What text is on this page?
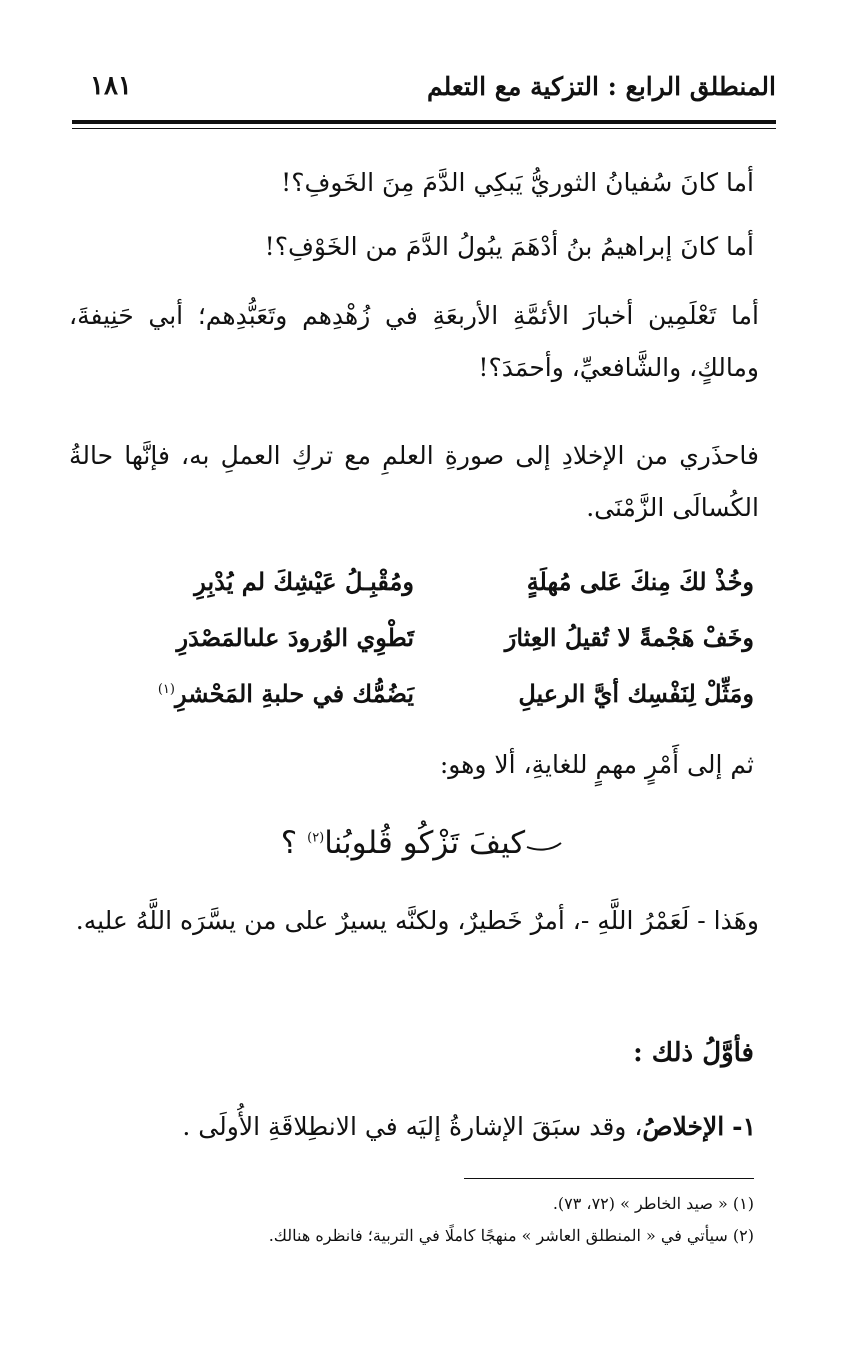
المنطلق الرابع : التزكية مع التعلم
١٨١
أما كانَ سُفيانُ الثوريُّ يَبكِي الدَّمَ مِنَ الخَوفِ؟!
أما كانَ إبراهيمُ بنُ أدْهَمَ يبُولُ الدَّمَ من الخَوْفِ؟!
أما تَعْلَمِين أخبارَ الأئمَّةِ الأربعَةِ في زُهْدِهم وتَعَبُّدِهم؛ أبي حَنِيفةَ، ومالكٍ، والشَّافعيِّ، وأحمَدَ؟!
فاحذَري من الإخلادِ إلى صورةِ العلمِ مع تركِ العملِ به، فإنَّها حالةُ الكُسالَى الزَّمْنَى.
وخُذْ لكَ مِنكَ عَلى مُهلَةٍ
ومُقْبِـلُ عَيْشِكَ لم يُدْبِرِ
وخَفْ هَجْمةً لا تُقيلُ العِثارَ
تَطْوِي الوُرودَ علىالمَصْدَرِ
ومَثِّلْ لِنَفْسِك أيَّ الرعيلِ
يَضُمُّك في حلبةِ المَحْشرِ$^{(١)}$
ثم إلى أَمْرٍ مهمٍ للغايةِ، ألا وهو:
كيفَ تَزْكُو قُلوبُنا$^{(٢)}$ ؟
وهَذا - لَعَمْرُ اللَّهِ -، أمرٌ خَطيرٌ، ولكنَّه يسيرٌ على من يسَّرَه اللَّهُ عليه.
فأوَّلُ ذلك :
١- الإخلاصُ، وقد سبَقَ الإشارةُ إليَه في الانطِلاقَةِ الأُولَى .
(١) « صيد الخاطر » (٧٢، ٧٣).
(٢) سيأتي في « المنطلق العاشر » منهجًا كاملًا في التربية؛ فانظره هنالك.
